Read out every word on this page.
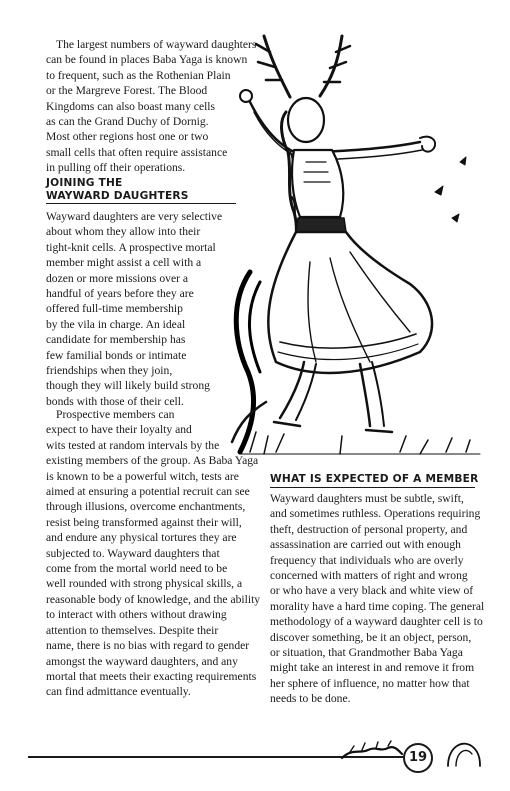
The largest numbers of wayward daughters
can be found in places Baba Yaga is known
to frequent, such as the Rothenian Plain
or the Margreve Forest. The Blood
Kingdoms can also boast many cells
as can the Grand Duchy of Dornig.
Most other regions host one or two
small cells that often require assistance
in pulling off their operations.
JOINING THE
WAYWARD DAUGHTERS
Wayward daughters are very selective
about whom they allow into their
tight-knit cells. A prospective mortal
member might assist a cell with a
dozen or more missions over a
handful of years before they are
offered full-time membership
by the vila in charge. An ideal
candidate for membership has
few familial bonds or intimate
friendships when they join,
though they will likely build strong
bonds with those of their cell.
Prospective members can
expect to have their loyalty and
wits tested at random intervals by the
existing members of the group. As Baba Yaga
is known to be a powerful witch, tests are
aimed at ensuring a potential recruit can see
through illusions, overcome enchantments,
resist being transformed against their will,
and endure any physical tortures they are
subjected to. Wayward daughters that
come from the mortal world need to be
well rounded with strong physical skills, a
reasonable body of knowledge, and the ability
to interact with others without drawing
attention to themselves. Despite their
name, there is no bias with regard to gender
amongst the wayward daughters, and any
mortal that meets their exacting requirements
can find admittance eventually.
WHAT IS EXPECTED OF A MEMBER
Wayward daughters must be subtle, swift,
and sometimes ruthless. Operations requiring
theft, destruction of personal property, and
assassination are carried out with enough
frequency that individuals who are overly
concerned with matters of right and wrong
or who have a very black and white view of
morality have a hard time coping. The general
methodology of a wayward daughter cell is to
discover something, be it an object, person,
or situation, that Grandmother Baba Yaga
might take an interest in and remove it from
her sphere of influence, no matter how that
needs to be done.
19
